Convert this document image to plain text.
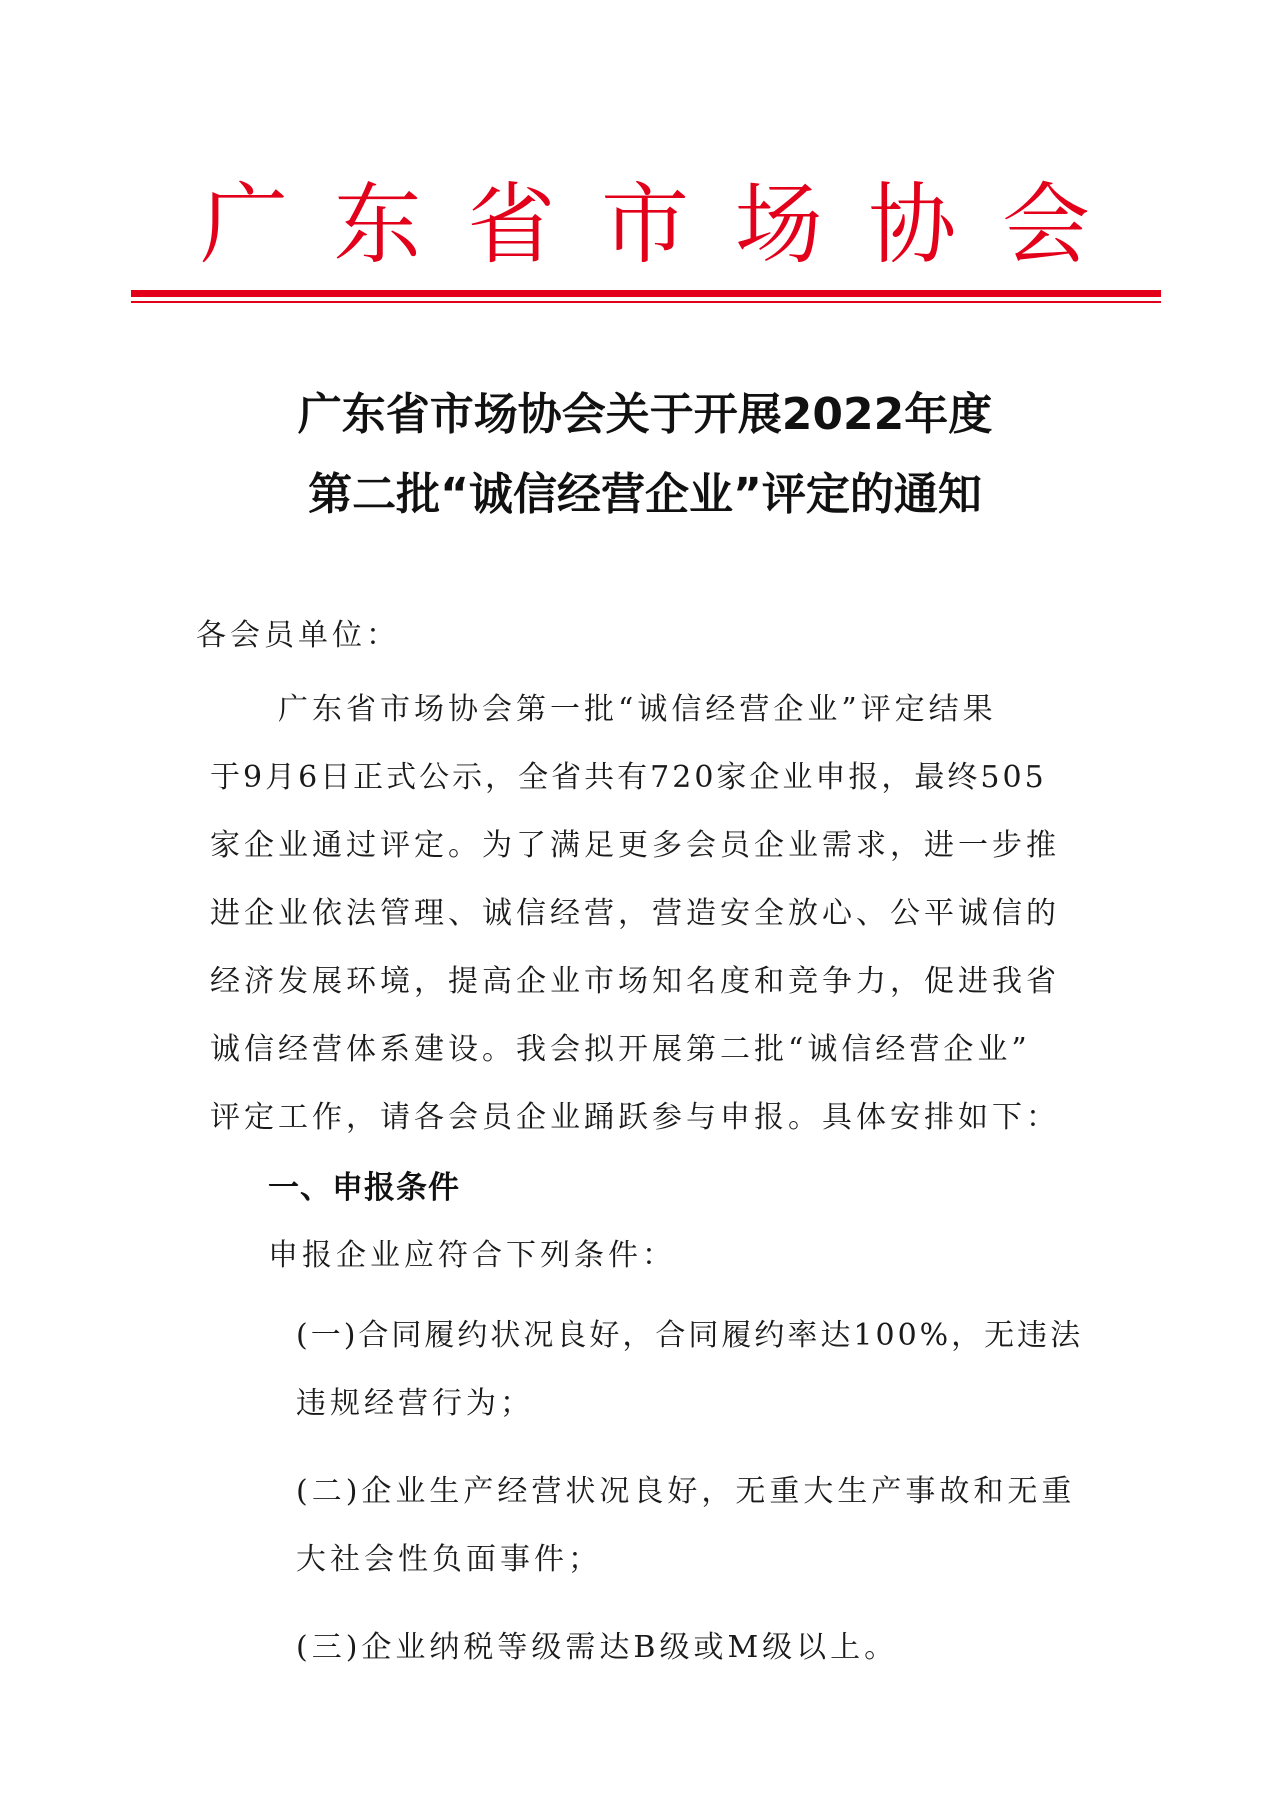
广 东 省 市 场 协 会
广东省市场协会关于开展2022年度
第二批“诚信经营企业”评定的通知
各会员单位：
广东省市场协会第一批“诚信经营企业”评定结果
于9月6日正式公示，全省共有720家企业申报，最终505
家企业通过评定。为了满足更多会员企业需求，进一步推
进企业依法管理、诚信经营，营造安全放心、公平诚信的
经济发展环境，提高企业市场知名度和竞争力，促进我省
诚信经营体系建设。我会拟开展第二批“诚信经营企业”
评定工作，请各会员企业踊跃参与申报。具体安排如下：
一、申报条件
申报企业应符合下列条件：
(一)合同履约状况良好，合同履约率达100%，无违法
违规经营行为；
(二)企业生产经营状况良好，无重大生产事故和无重
大社会性负面事件；
(三)企业纳税等级需达B级或M级以上。
